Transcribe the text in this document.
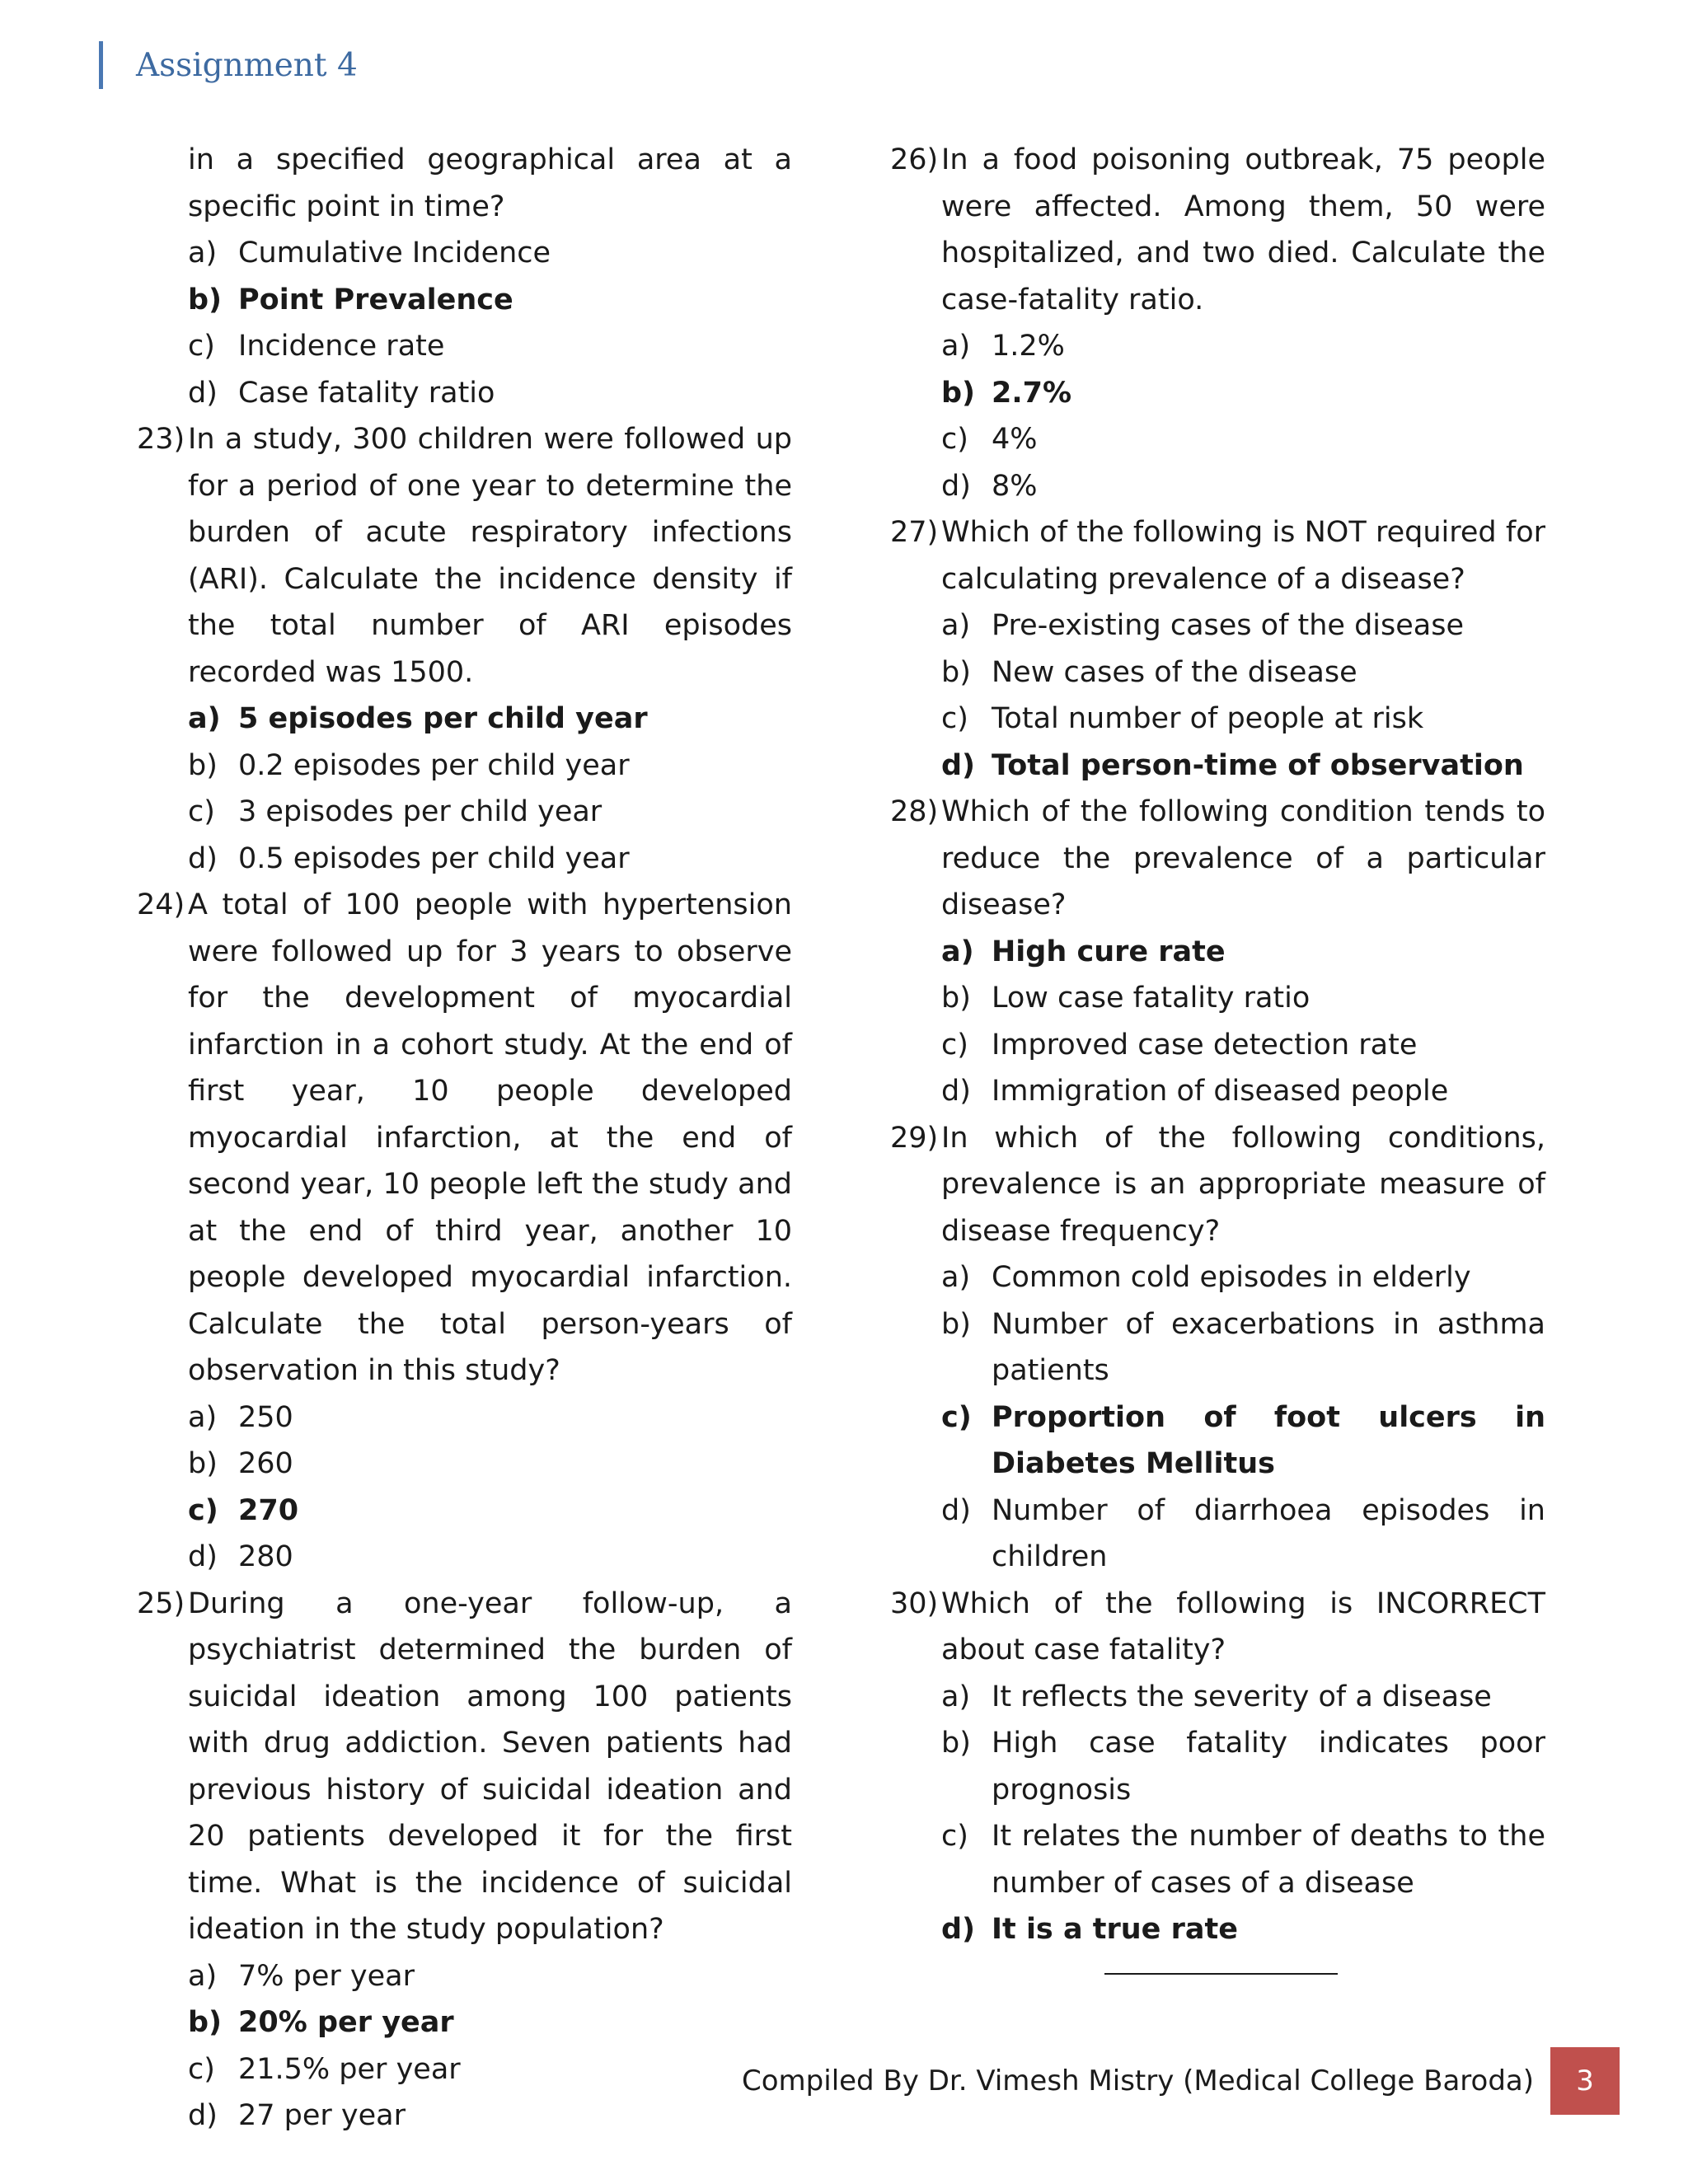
Assignment 4
in a specified geographical area at a specific point in time?
a) Cumulative Incidence
b) Point Prevalence
c) Incidence rate
d) Case fatality ratio
23) In a study, 300 children were followed up for a period of one year to determine the burden of acute respiratory infections (ARI). Calculate the incidence density if the total number of ARI episodes recorded was 1500.
a) 5 episodes per child year
b) 0.2 episodes per child year
c) 3 episodes per child year
d) 0.5 episodes per child year
24) A total of 100 people with hypertension were followed up for 3 years to observe for the development of myocardial infarction in a cohort study. At the end of first year, 10 people developed myocardial infarction, at the end of second year, 10 people left the study and at the end of third year, another 10 people developed myocardial infarction. Calculate the total person-years of observation in this study?
a) 250
b) 260
c) 270
d) 280
25) During a one-year follow-up, a psychiatrist determined the burden of suicidal ideation among 100 patients with drug addiction. Seven patients had previous history of suicidal ideation and 20 patients developed it for the first time. What is the incidence of suicidal ideation in the study population?
a) 7% per year
b) 20% per year
c) 21.5% per year
d) 27 per year
26) In a food poisoning outbreak, 75 people were affected. Among them, 50 were hospitalized, and two died. Calculate the case-fatality ratio.
a) 1.2%
b) 2.7%
c) 4%
d) 8%
27) Which of the following is NOT required for calculating prevalence of a disease?
a) Pre-existing cases of the disease
b) New cases of the disease
c) Total number of people at risk
d) Total person-time of observation
28) Which of the following condition tends to reduce the prevalence of a particular disease?
a) High cure rate
b) Low case fatality ratio
c) Improved case detection rate
d) Immigration of diseased people
29) In which of the following conditions, prevalence is an appropriate measure of disease frequency?
a) Common cold episodes in elderly
b) Number of exacerbations in asthma patients
c) Proportion of foot ulcers in Diabetes Mellitus
d) Number of diarrhoea episodes in children
30) Which of the following is INCORRECT about case fatality?
a) It reflects the severity of a disease
b) High case fatality indicates poor prognosis
c) It relates the number of deaths to the number of cases of a disease
d) It is a true rate
Compiled By Dr. Vimesh Mistry (Medical College Baroda)	3
